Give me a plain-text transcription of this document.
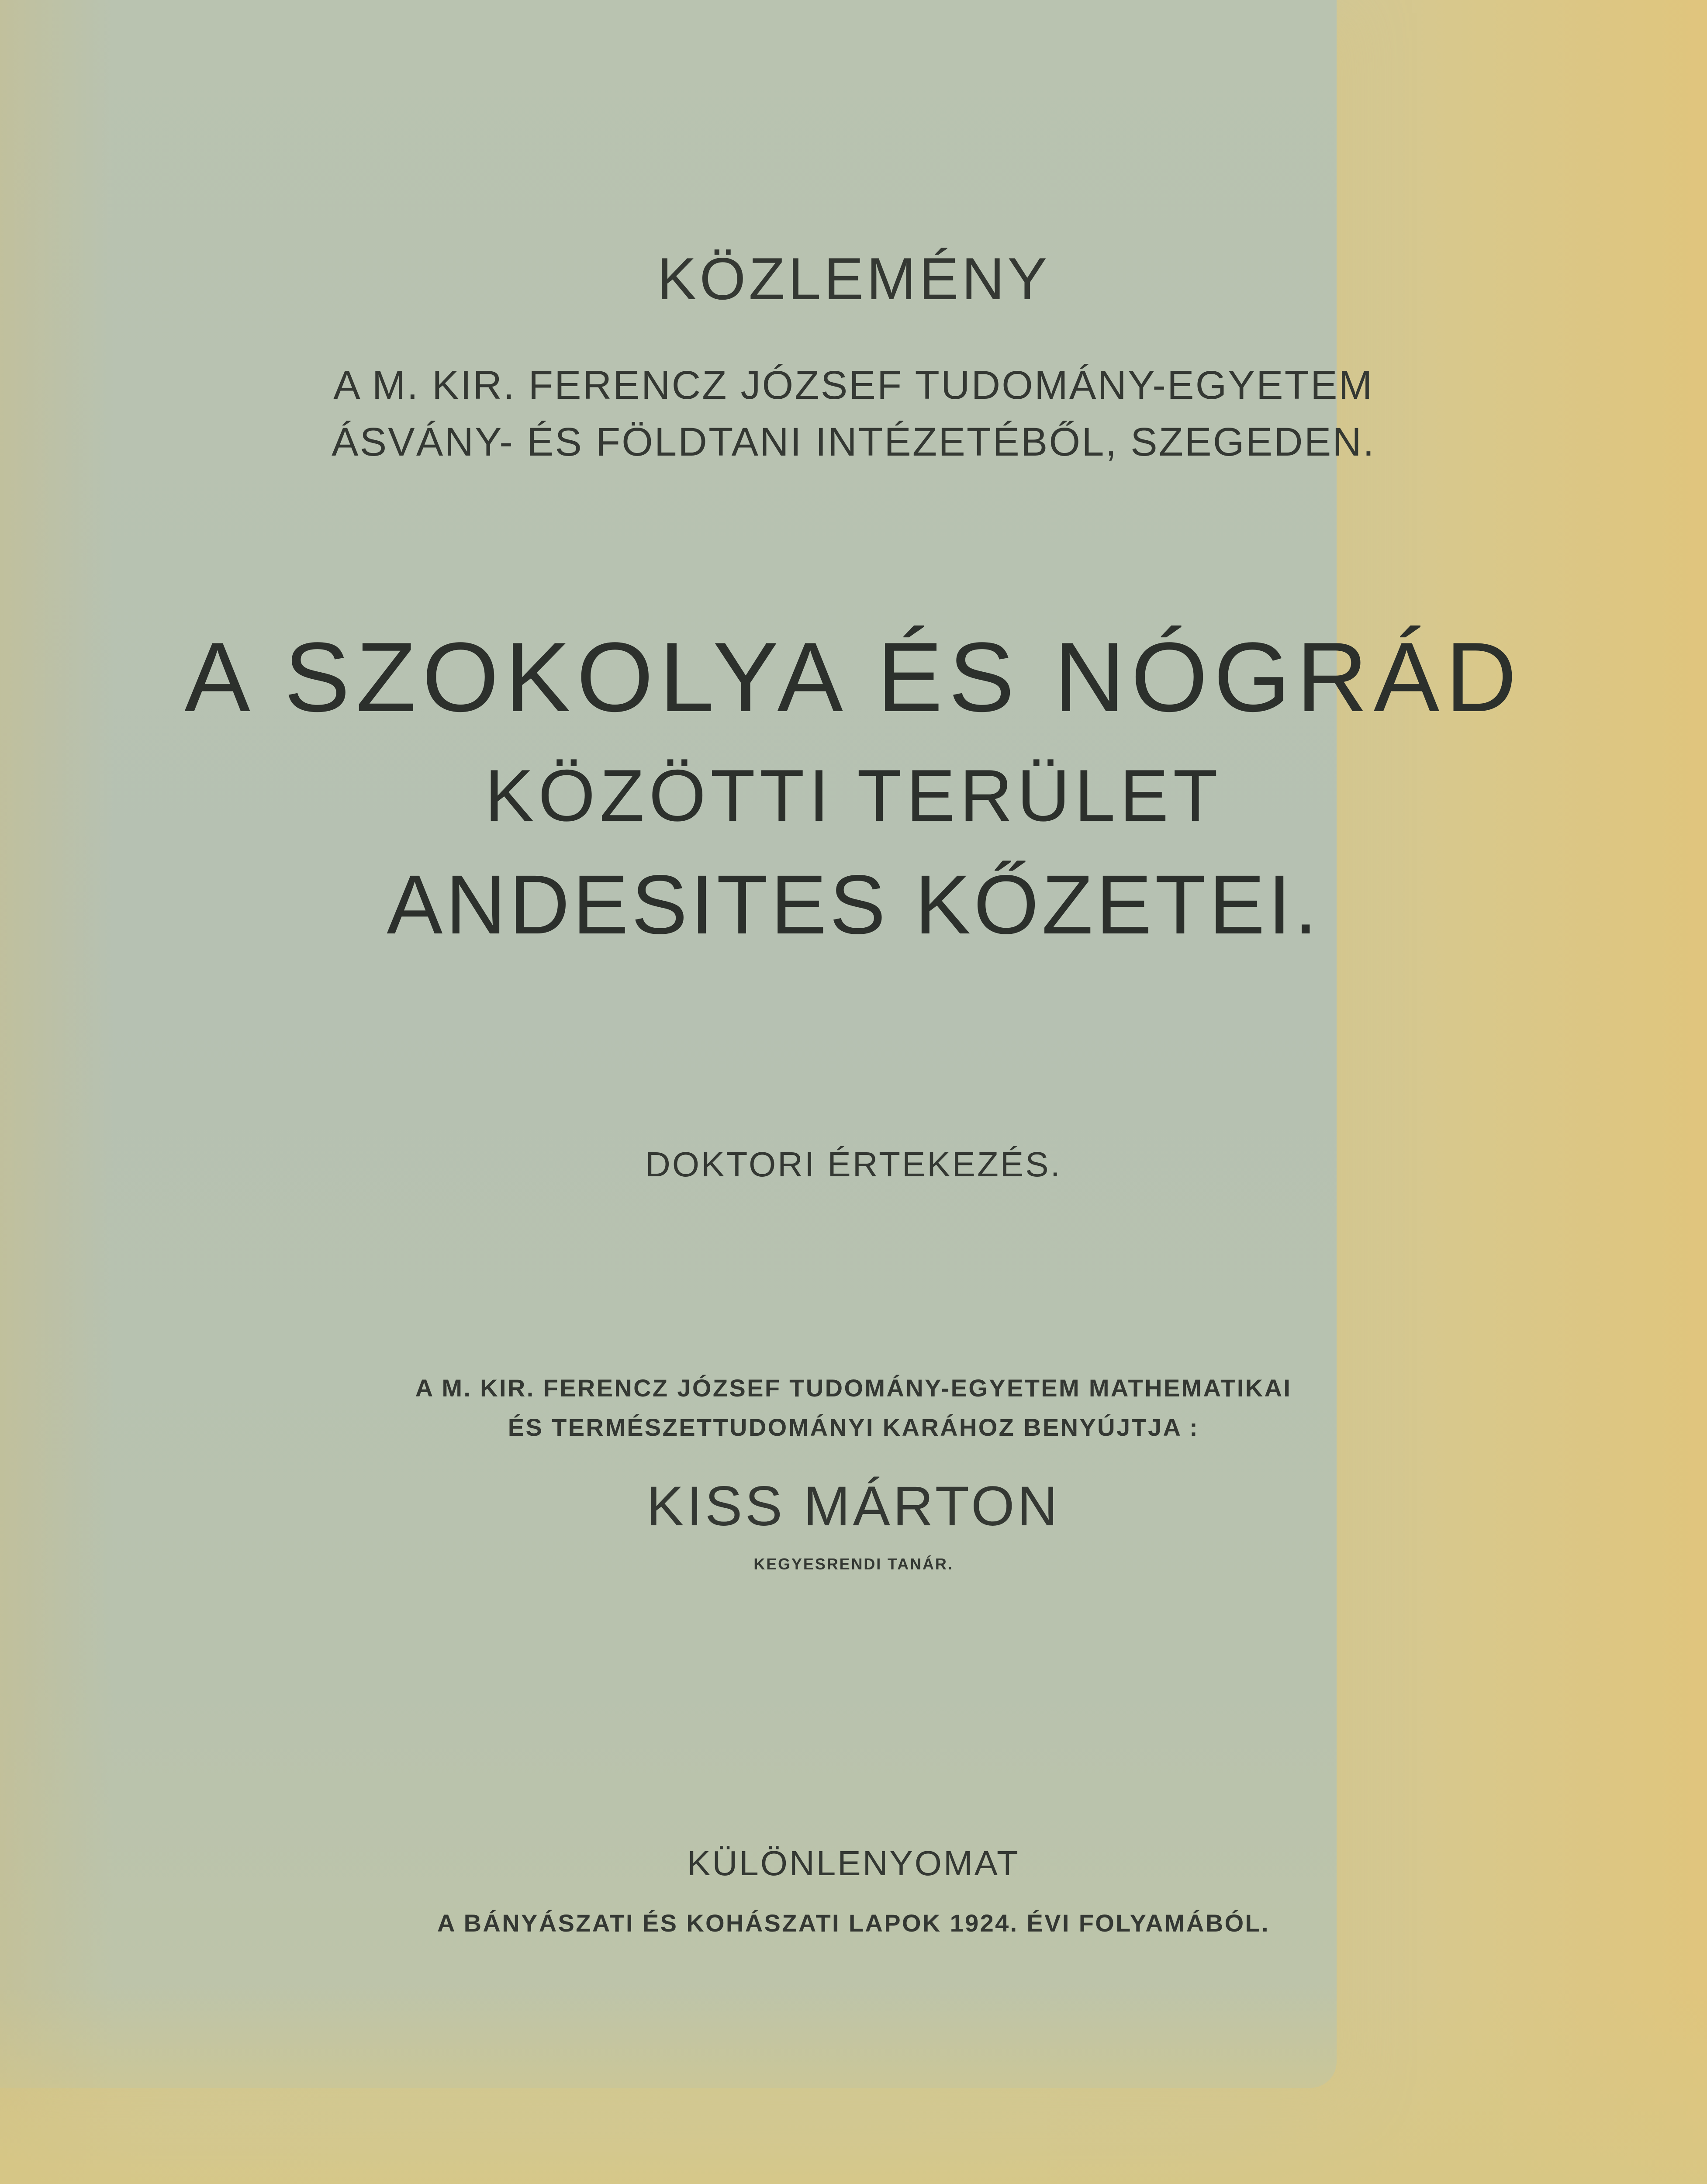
KÖZLEMÉNY
A M. KIR. FERENCZ JÓZSEF TUDOMÁNY-EGYETEM
ÁSVÁNY- ÉS FÖLDTANI INTÉZETÉBŐL, SZEGEDEN.
A SZOKOLYA ÉS NÓGRÁD
KÖZÖTTI TERÜLET
ANDESITES KŐZETEI.
DOKTORI ÉRTEKEZÉS.
A M. KIR. FERENCZ JÓZSEF TUDOMÁNY-EGYETEM MATHEMATIKAI
ÉS TERMÉSZETTUDOMÁNYI KARÁHOZ BENYÚJTJA :
KISS MÁRTON
KEGYESRENDI TANÁR.
KÜLÖNLENYOMAT
A BÁNYÁSZATI ÉS KOHÁSZATI LAPOK 1924. ÉVI FOLYAMÁBÓL.
